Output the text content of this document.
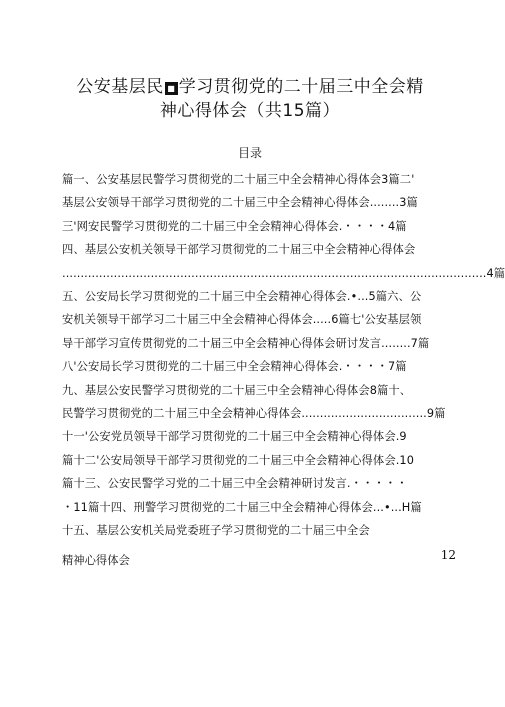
公安基层民 ■ 学习贯彻党的二十届三中全会精
神心得体会（共15篇）
目录
篇一、公安基层民警学习贯彻党的二十届三中全会精神心得体会3篇二'
基层公安领导干部学习贯彻党的二十届三中全会精神心得体会........3篇
三'网安民警学习贯彻党的二十届三中全会精神心得体会.・・・・4篇
四、基层公安机关领导干部学习贯彻党的二十届三中全会精神心得体会
...................................................................................................................4篇
五、公安局长学习贯彻党的二十届三中全会精神心得体会.•...5篇六、公
安机关领导干部学习二十届三中全会精神心得体会.....6篇七'公安基层领
导干部学习宣传贯彻党的二十届三中全会精神心得体会研讨发言........7篇
八'公安局长学习贯彻党的二十届三中全会精神心得体会.・・・・7篇
九、基层公安民警学习贯彻党的二十届三中全会精神心得体会8篇十、
民警学习贯彻党的二十届三中全会精神心得体会..................................9篇
十一'公安党员领导干部学习贯彻党的二十届三中全会精神心得体会.9
篇十二'公安局领导干部学习贯彻党的二十届三中全会精神心得体会.10
篇十三、公安民警学习党的二十届三中全会精神研讨发言.・・・・・
・11篇十四、刑警学习贯彻党的二十届三中全会精神心得体会...•...H篇
十五、基层公安机关局党委班子学习贯彻党的二十届三中全会
精神心得体会	12
